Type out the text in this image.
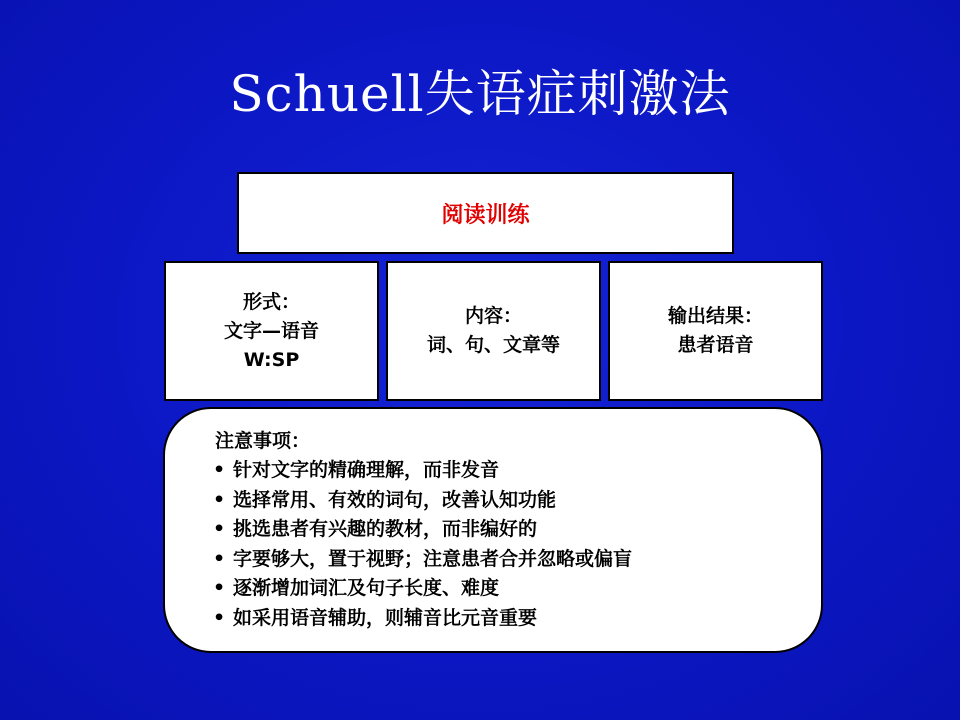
Schuell失语症刺激法
阅读训练
形式：
文字—语音
W:SP
内容：
词、句、文章等
输出结果：
患者语音
注意事项：
• 针对文字的精确理解，而非发音
• 选择常用、有效的词句，改善认知功能
• 挑选患者有兴趣的教材，而非编好的
• 字要够大，置于视野；注意患者合并忽略或偏盲
• 逐渐增加词汇及句子长度、难度
• 如采用语音辅助，则辅音比元音重要
